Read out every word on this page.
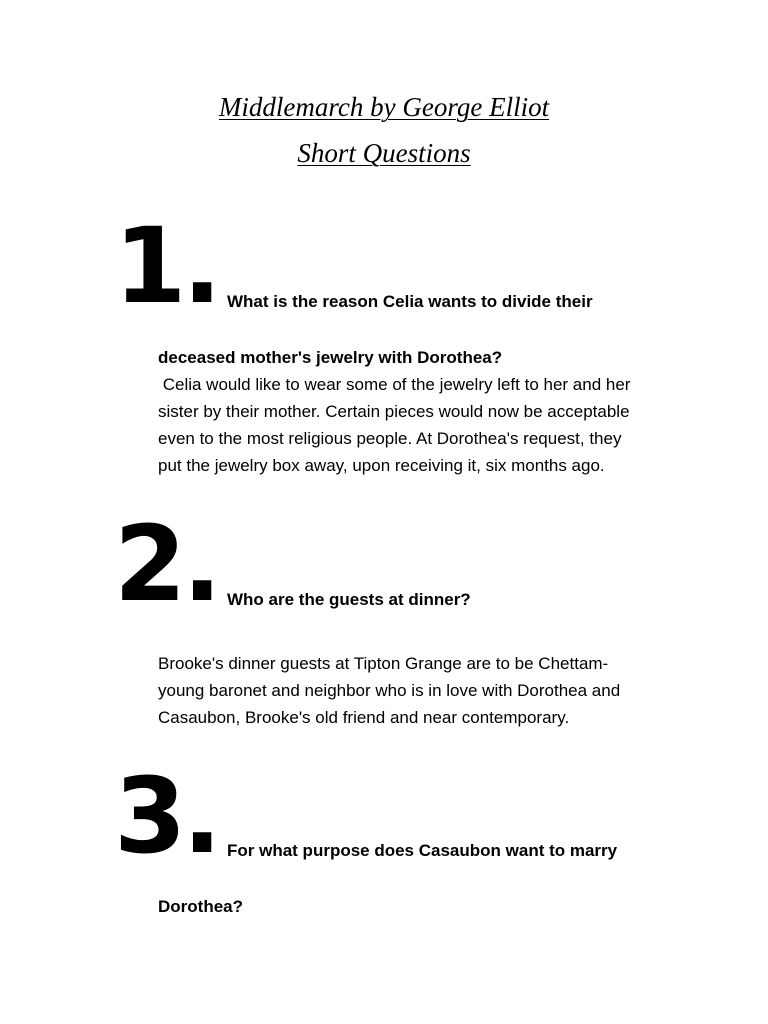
Middlemarch by George Elliot
Short Questions
1. What is the reason Celia wants to divide their
deceased mother's jewelry with Dorothea?
Celia would like to wear some of the jewelry left to her and her
sister by their mother. Certain pieces would now be acceptable
even to the most religious people. At Dorothea's request, they
put the jewelry box away, upon receiving it, six months ago.
2. Who are the guests at dinner?
Brooke's dinner guests at Tipton Grange are to be Chettam-
young baronet and neighbor who is in love with Dorothea and
Casaubon, Brooke's old friend and near contemporary.
3. For what purpose does Casaubon want to marry
Dorothea?
